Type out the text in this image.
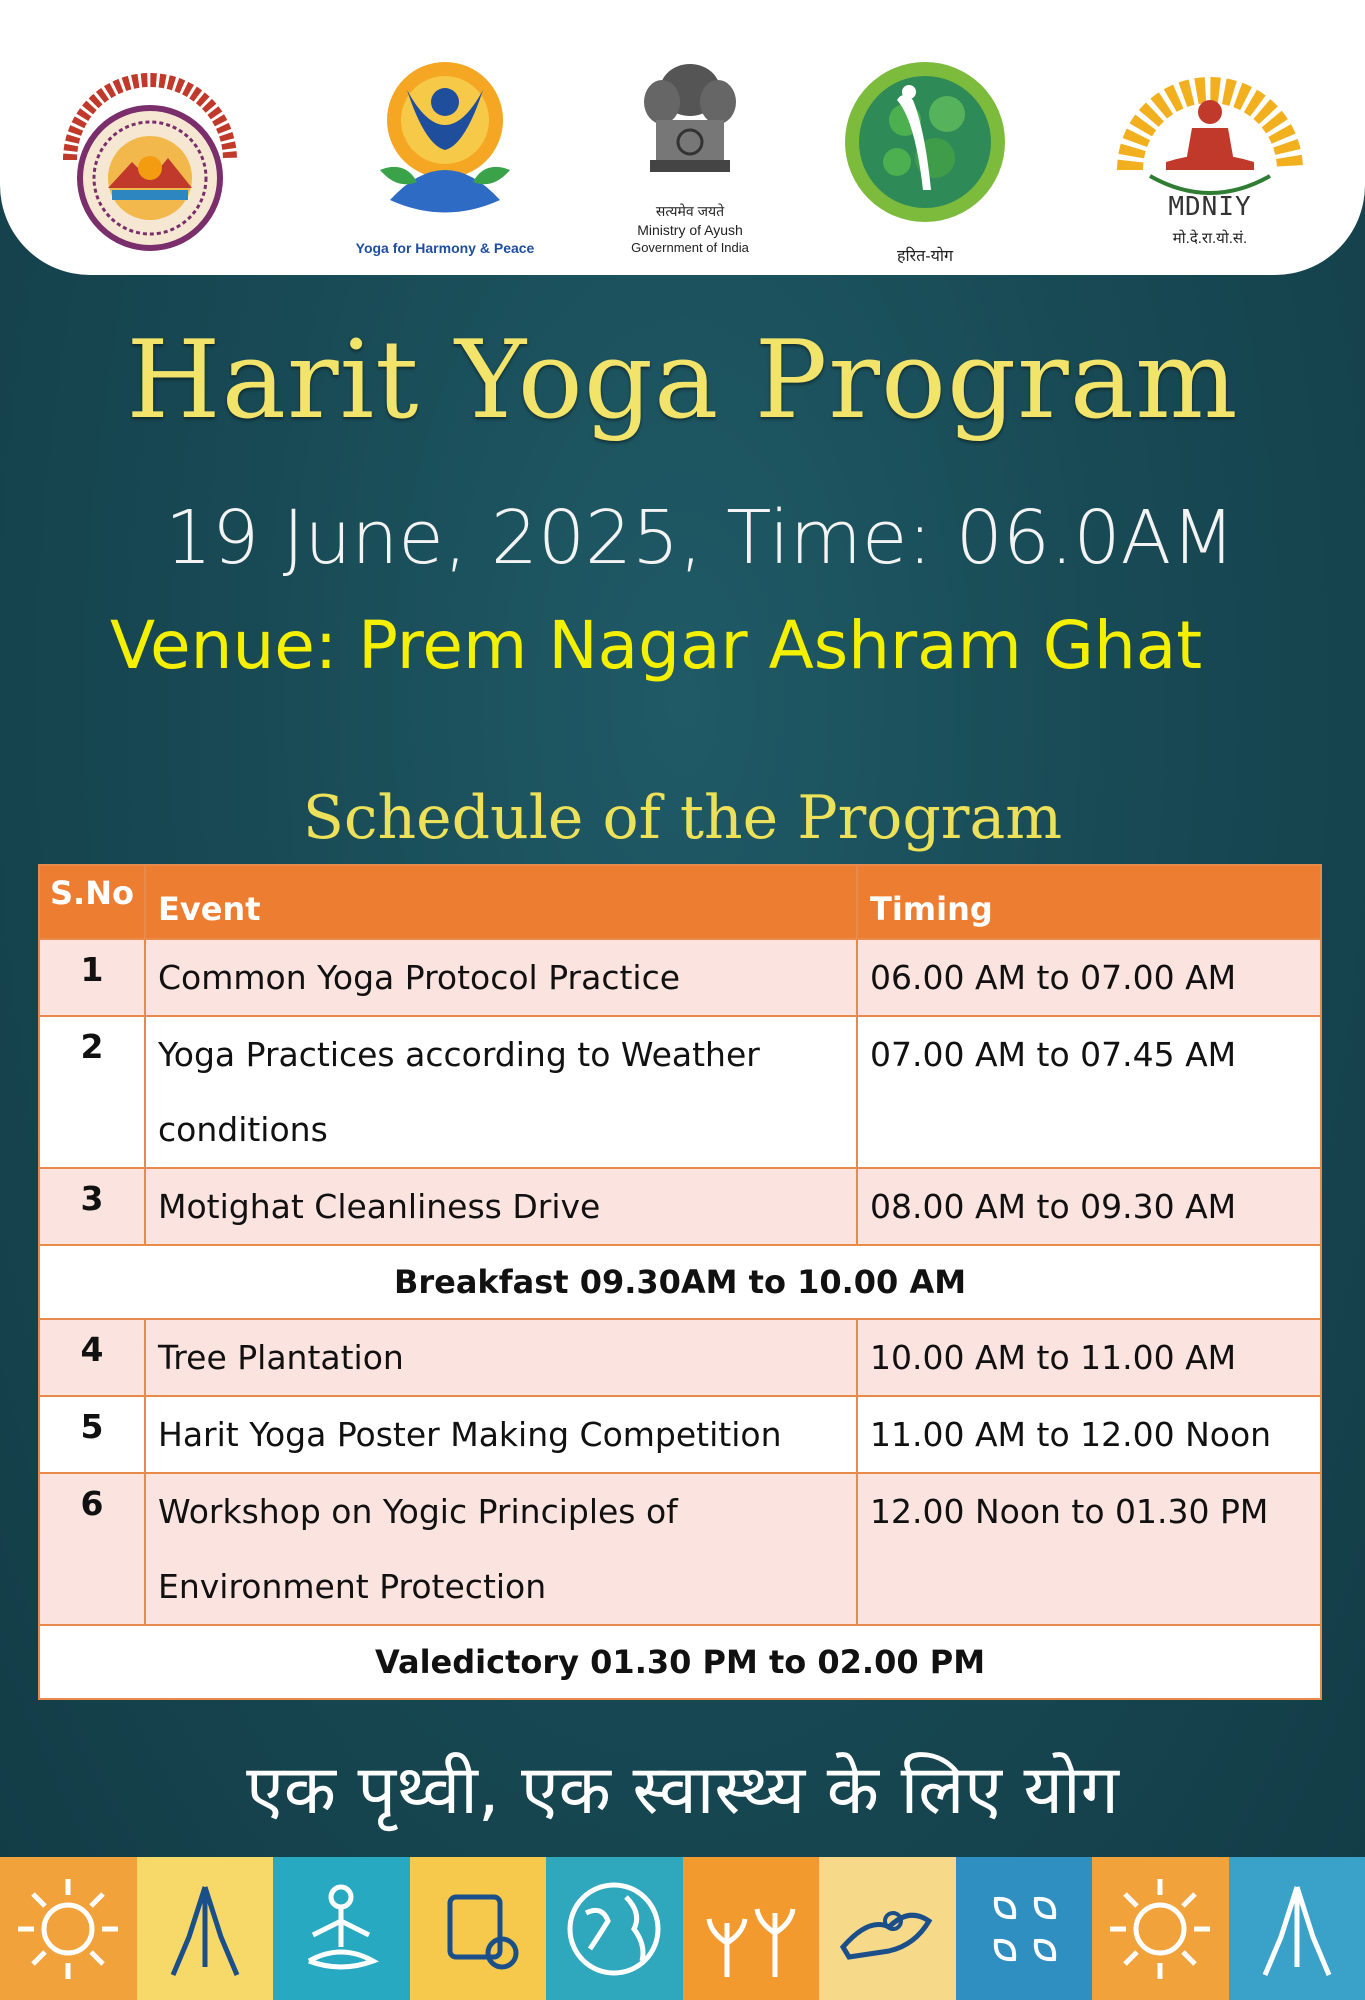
Yoga for Harmony & Peace
सत्यमेव जयते
Ministry of Ayush
Government of India
हरित-योग
MDNIY
मो.दे.रा.यो.सं.
Harit Yoga Program
19 June, 2025, Time: 06.0AM
Venue: Prem Nagar Ashram Ghat
Schedule of the Program
S.No	Event	Timing
1	Common Yoga Protocol Practice	06.00 AM to 07.00 AM
2	Yoga Practices according to Weather conditions	07.00 AM to 07.45 AM
3	Motighat Cleanliness Drive	08.00 AM to 09.30 AM
Breakfast 09.30AM to 10.00 AM		
4	Tree Plantation	10.00 AM to 11.00 AM
5	Harit Yoga Poster Making Competition	11.00 AM to 12.00 Noon
6	Workshop on Yogic Principles of Environment Protection	12.00 Noon to 01.30 PM
Valedictory 01.30 PM to 02.00 PM		
एक पृथ्वी, एक स्वास्थ्य के लिए योग
